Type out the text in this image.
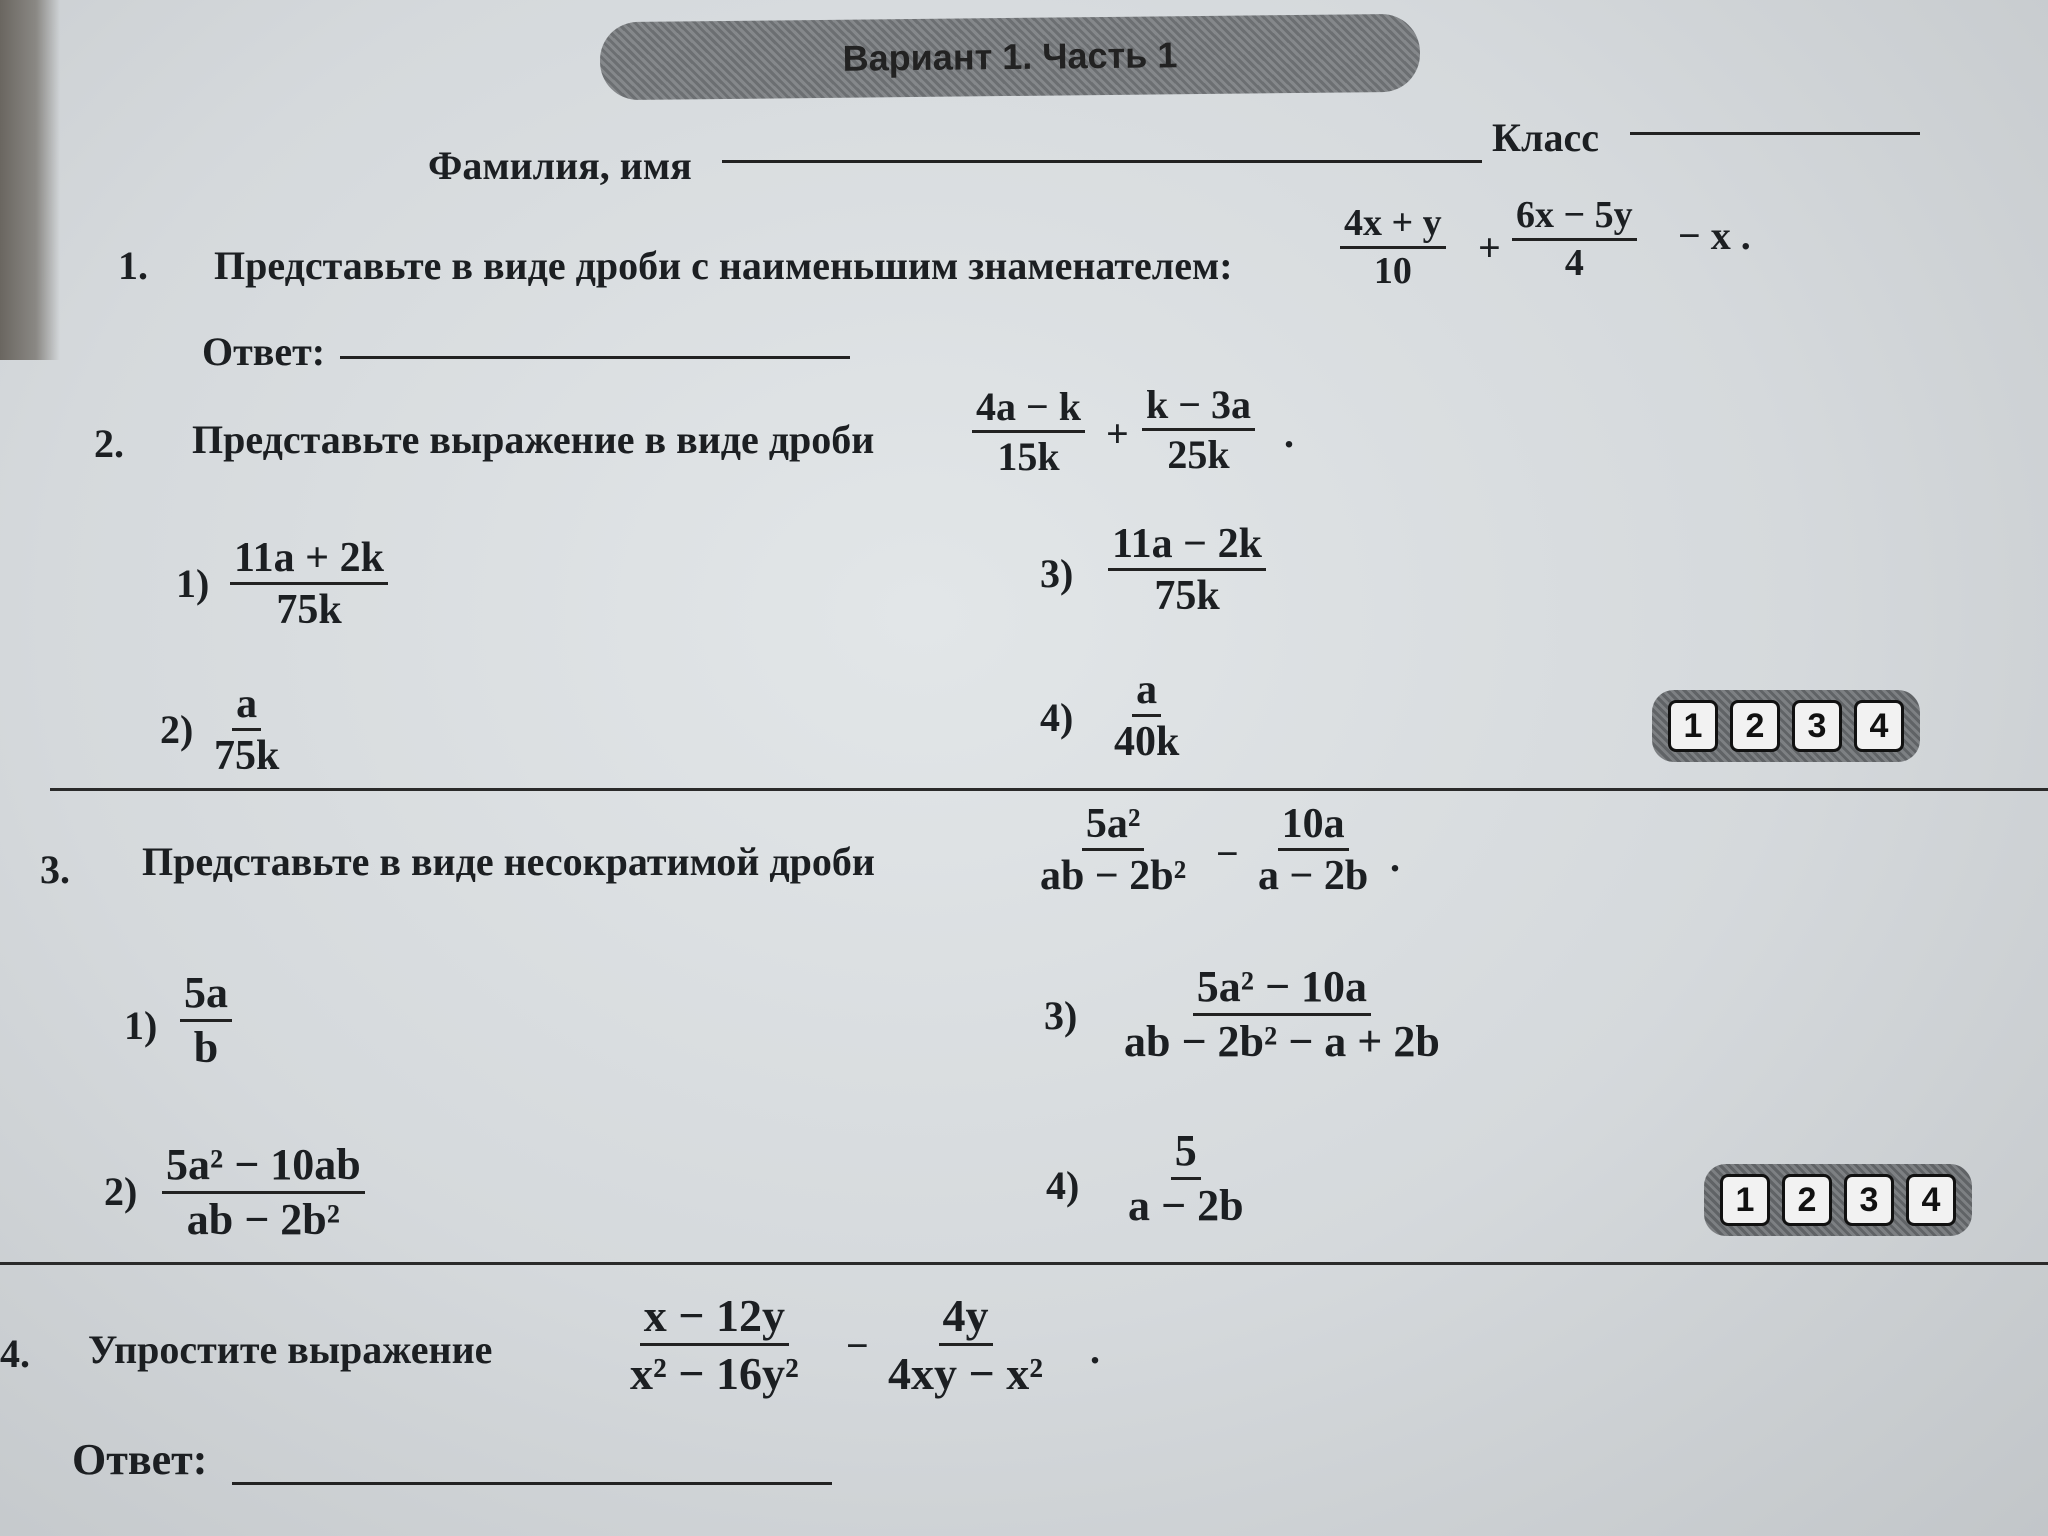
Вариант 1. Часть 1
Фамилия, имя
Класс
1. Представьте в виде дроби с наименьшим знаменателем:	$\frac{4x + y}{10} + \frac{6x - 5y}{4} - x$ .
Ответ:
2. Представьте выражение в виде дроби $\frac{4a - k}{15k} + \frac{k - 3a}{25k}$ .
$1) \frac{11a + 2k}{75k}$
$2) \frac{a}{75k}$
$3) \frac{11a - 2k}{75k}$
$4) \frac{a}{40k}$	1	2	3	4
3. Представьте в виде несократимой дроби	$\frac{\text{5a²}}{\text{ab − 2b²}} - \frac{10a}{a - 2b}$ .
$1) \frac{5a}{b}$
$2) \frac{\text{5a² − 10ab}}{\text{ab − 2b²}}$
$3) \frac{\text{5a² − 10a}}{\text{ab − 2b² − a + 2b}}$
$4) \frac{5}{a - 2b}$	1	2	3	4
4. Упростите выражение	$\frac{x - 12y}{\text{x² − 16y²}} - \frac{4y}{\text{4xy − x²}}$ .
Ответ:
